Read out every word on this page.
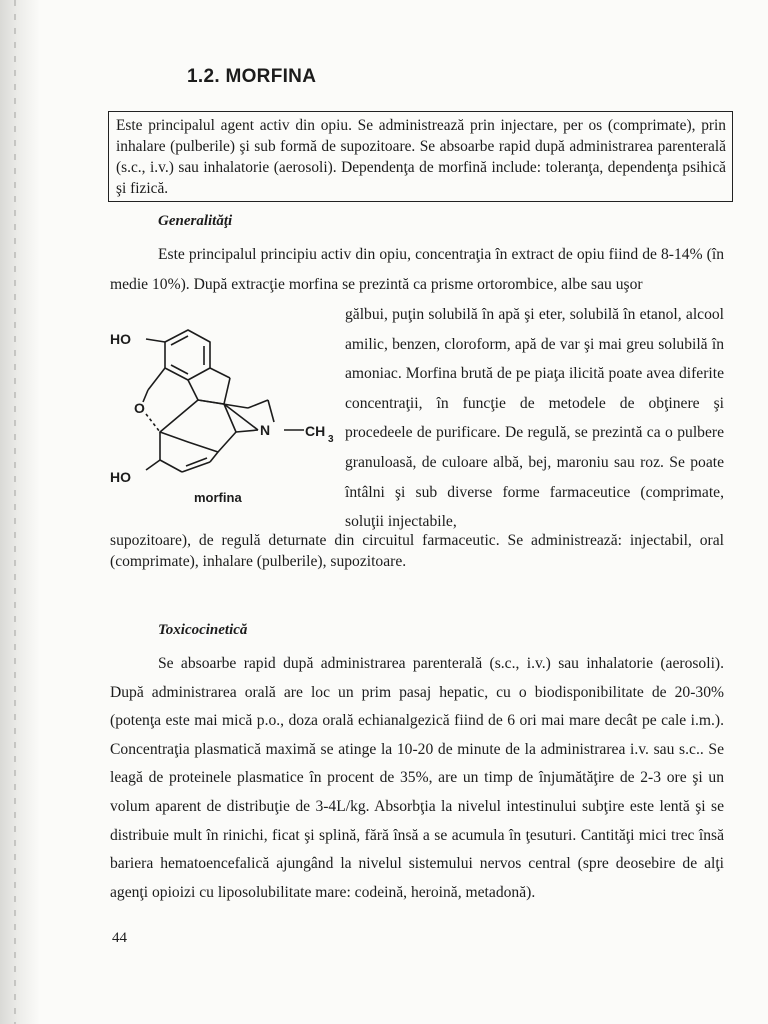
1.2. MORFINA

Este principalul agent activ din opiu. Se administrează prin injectare, per os (comprimate), prin inhalare (pulberile) şi sub formă de supozitoare. Se absoarbe rapid după administrarea parenterală (s.c., i.v.) sau inhalatorie (aerosoli). Dependenţa de morfină include: toleranţa, dependenţa psihică şi fizică.

Generalităţi

Este principalul principiu activ din opiu, concentraţia în extract de opiu fiind de 8-14% (în medie 10%). După extracţie morfina se prezintă ca prisme ortorombice, albe sau uşor

gălbui, puţin solubilă în apă şi eter, solubilă în etanol, alcool amilic, benzen, cloroform, apă de var şi mai greu solubilă în amoniac. Morfina brută de pe piaţa ilicită poate avea diferite concentraţii, în funcţie de metodele de obţinere şi procedeele de purificare. De regulă, se prezintă ca o pulbere granuloasă, de culoare albă, bej, maroniu sau roz. Se poate întâlni şi sub diverse forme farmaceutice (comprimate, soluţii injectabile,

supozitoare), de regulă deturnate din circuitul farmaceutic. Se administrează: injectabil, oral (comprimate), inhalare (pulberile), supozitoare.

HO
O
N CH
3
HO
morfina

Toxicocinetică

Se absoarbe rapid după administrarea parenterală (s.c., i.v.) sau inhalatorie (aerosoli). După administrarea orală are loc un prim pasaj hepatic, cu o biodisponibilitate de 20-30% (potenţa este mai mică p.o., doza orală echianalgezică fiind de 6 ori mai mare decât pe cale i.m.). Concentraţia plasmatică maximă se atinge la 10-20 de minute de la administrarea i.v. sau s.c.. Se leagă de proteinele plasmatice în procent de 35%, are un timp de înjumătăţire de 2-3 ore şi un volum aparent de distribuţie de 3-4L/kg. Absorbţia la nivelul intestinului subţire este lentă şi se distribuie mult în rinichi, ficat şi splină, fără însă a se acumula în ţesuturi. Cantităţi mici trec însă bariera hematoencefalică ajungând la nivelul sistemului nervos central (spre deosebire de alţi agenţi opioizi cu liposolubilitate mare: codeină, heroină, metadonă).

44
